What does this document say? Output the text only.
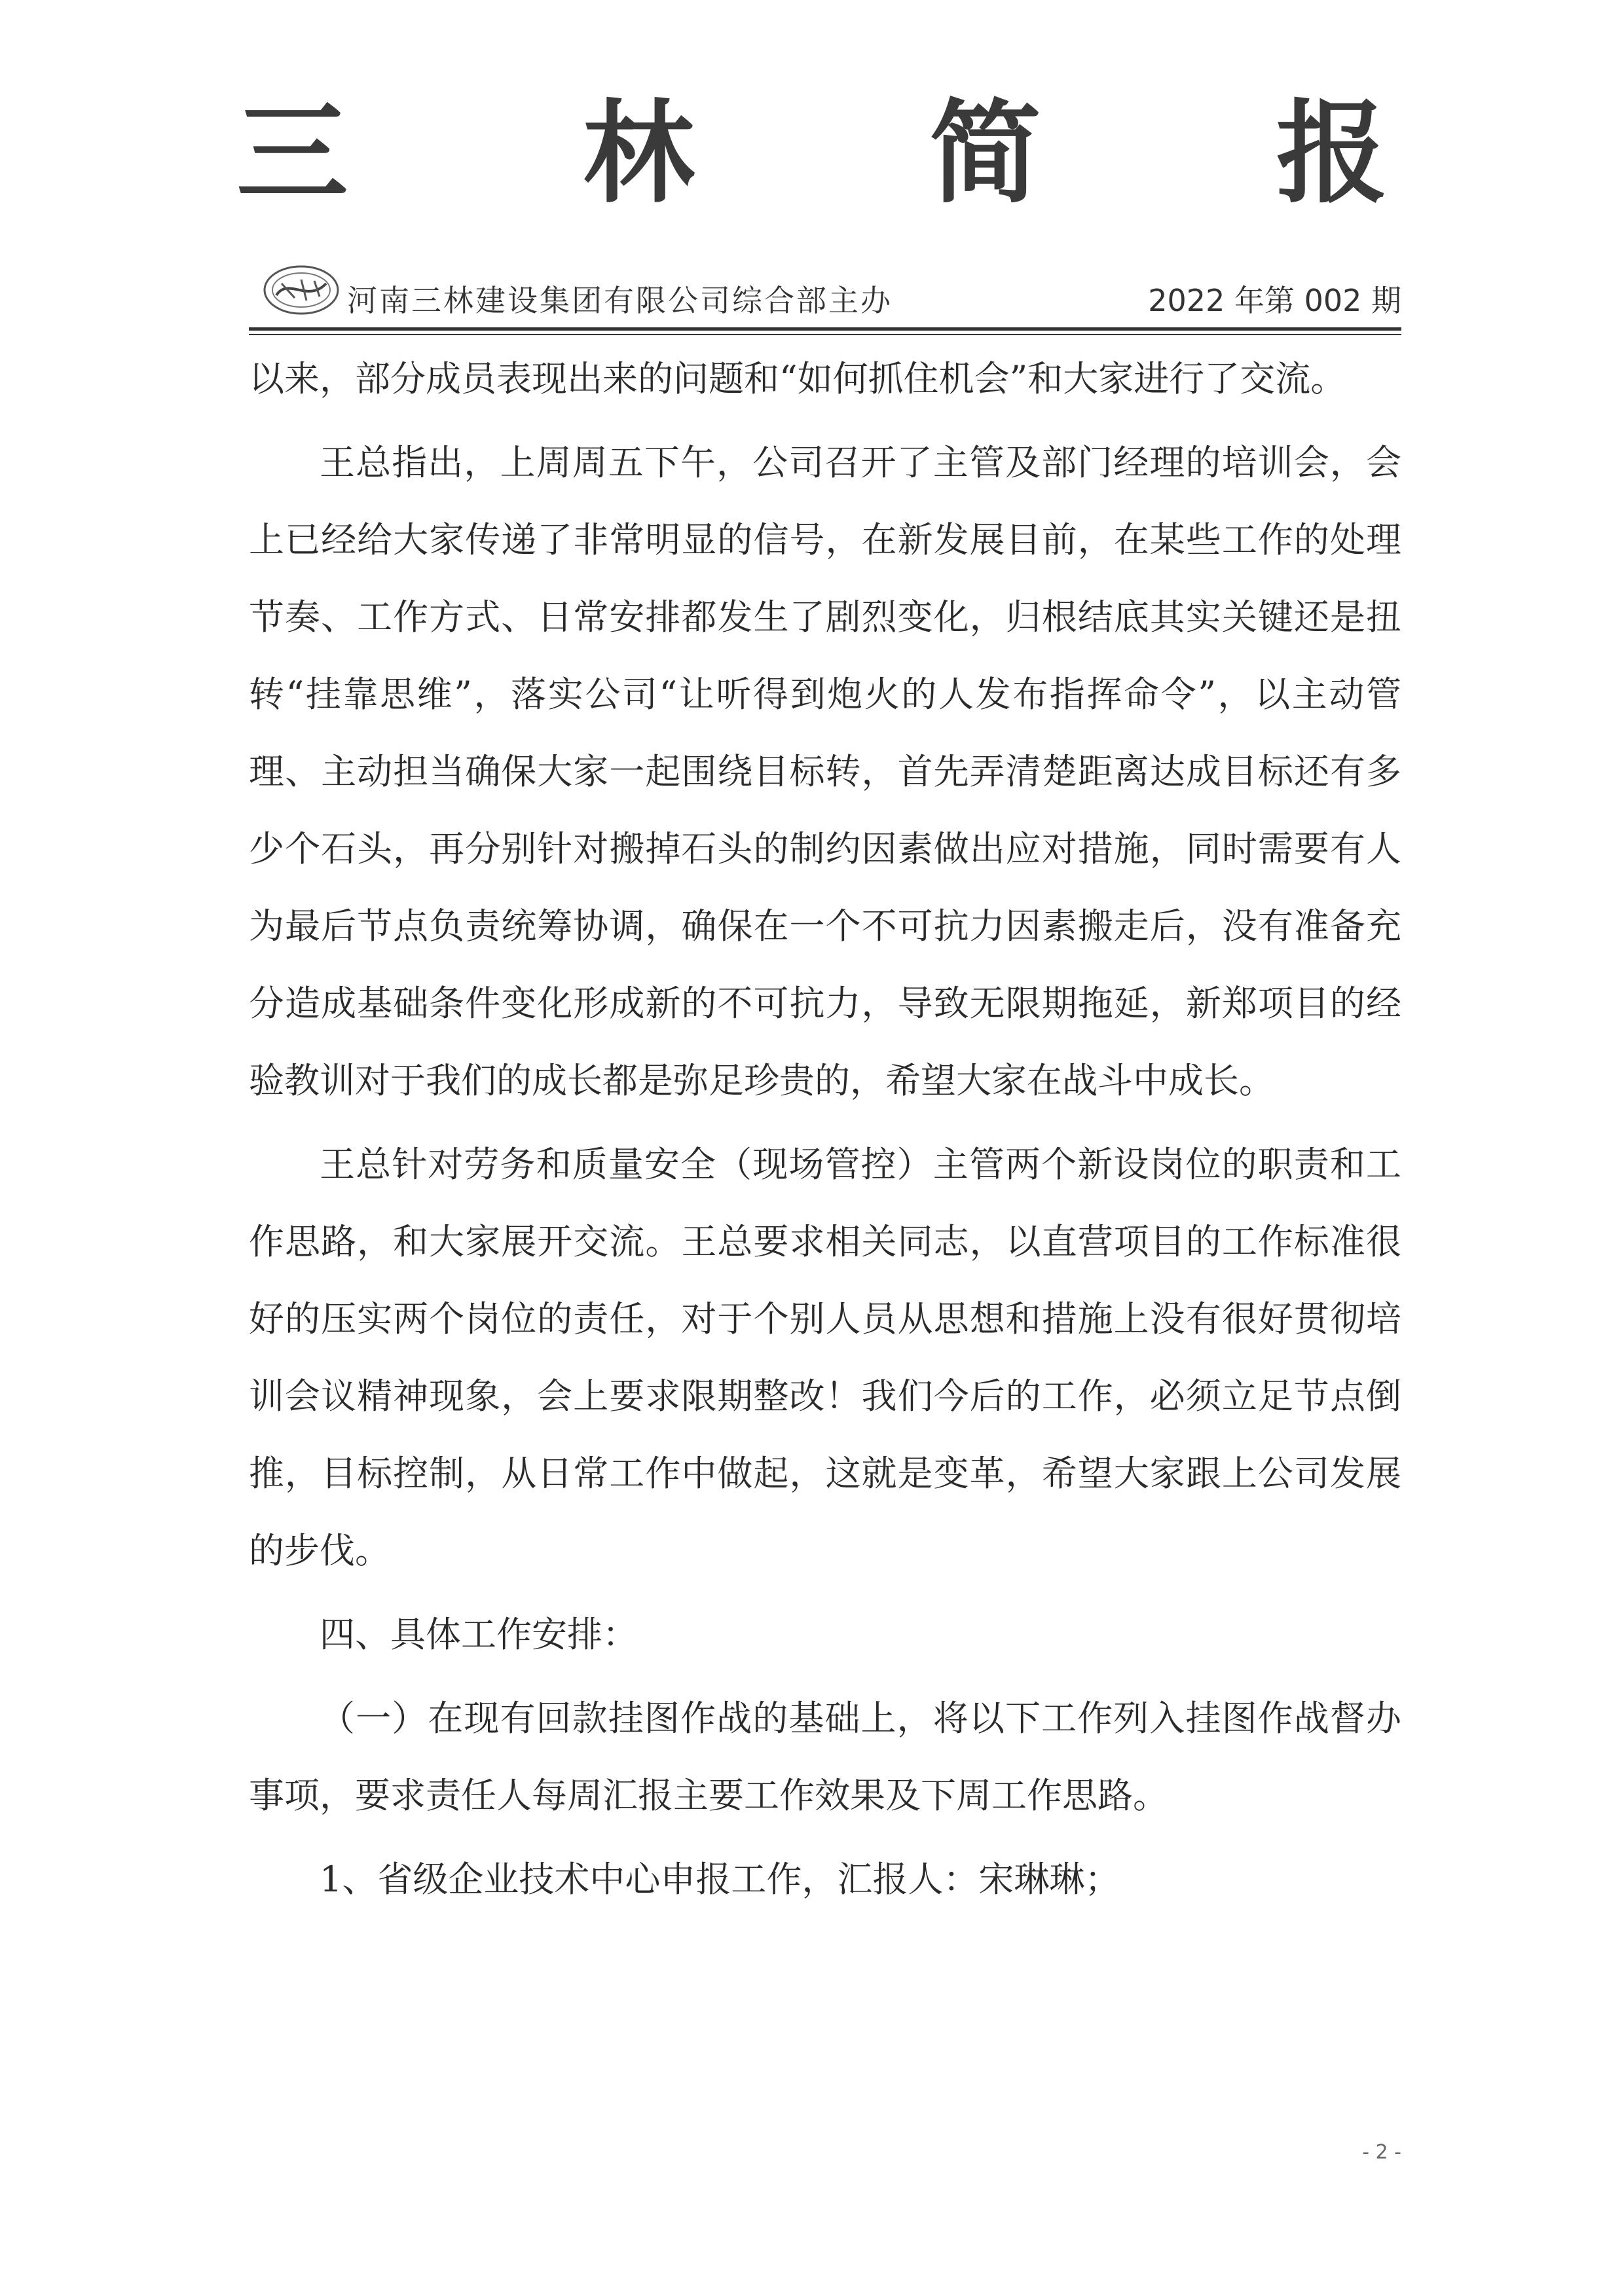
三 林 简 报
河南三林建设集团有限公司综合部主办	2022 年第 002 期

以来，部分成员表现出来的问题和“如何抓住机会”和大家进行了交流。

王总指出，上周周五下午，公司召开了主管及部门经理的培训会，会上已经给大家传递了非常明显的信号，在新发展目前，在某些工作的处理节奏、工作方式、日常安排都发生了剧烈变化，归根结底其实关键还是扭转“挂靠思维”，落实公司“让听得到炮火的人发布指挥命令”，以主动管理、主动担当确保大家一起围绕目标转，首先弄清楚距离达成目标还有多少个石头，再分别针对搬掉石头的制约因素做出应对措施，同时需要有人为最后节点负责统筹协调，确保在一个不可抗力因素搬走后，没有准备充分造成基础条件变化形成新的不可抗力，导致无限期拖延，新郑项目的经验教训对于我们的成长都是弥足珍贵的，希望大家在战斗中成长。

王总针对劳务和质量安全（现场管控）主管两个新设岗位的职责和工作思路，和大家展开交流。王总要求相关同志，以直营项目的工作标准很好的压实两个岗位的责任，对于个别人员从思想和措施上没有很好贯彻培训会议精神现象，会上要求限期整改！我们今后的工作，必须立足节点倒推，目标控制，从日常工作中做起，这就是变革，希望大家跟上公司发展的步伐。

四、具体工作安排：

（一）在现有回款挂图作战的基础上，将以下工作列入挂图作战督办事项，要求责任人每周汇报主要工作效果及下周工作思路。

1、省级企业技术中心申报工作，汇报人：宋琳琳；

- 2 -
